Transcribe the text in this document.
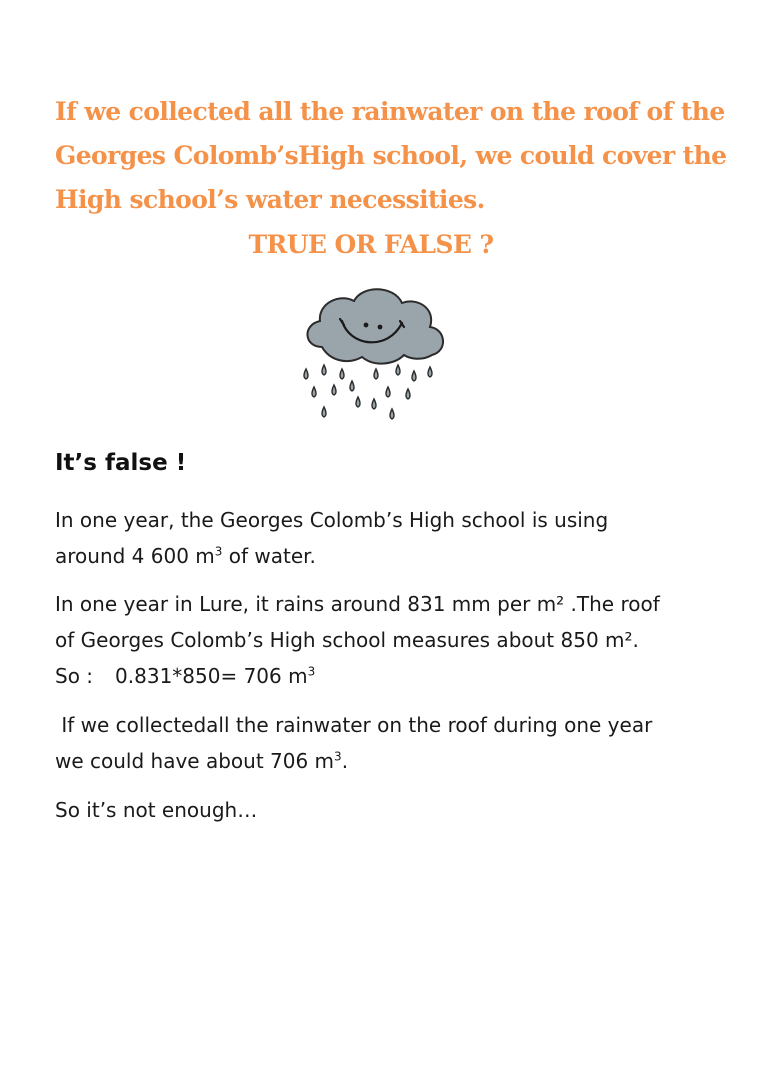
If we collected all the rainwater on the roof of the
Georges Colomb’sHigh school, we could cover the
High school’s water necessities.
TRUE OR FALSE ?
It’s false !

In one year, the Georges Colomb’s High school is using
around 4 600 $m^3$ of water.

In one year in Lure, it rains around 831 mm per m² .The roof
of Georges Colomb’s High school measures about 850 m².
So : 0.831*850= 706 $m^3$

If we collectedall the rainwater on the roof during one year
we could have about 706 $m^3$.

So it’s not enough…
